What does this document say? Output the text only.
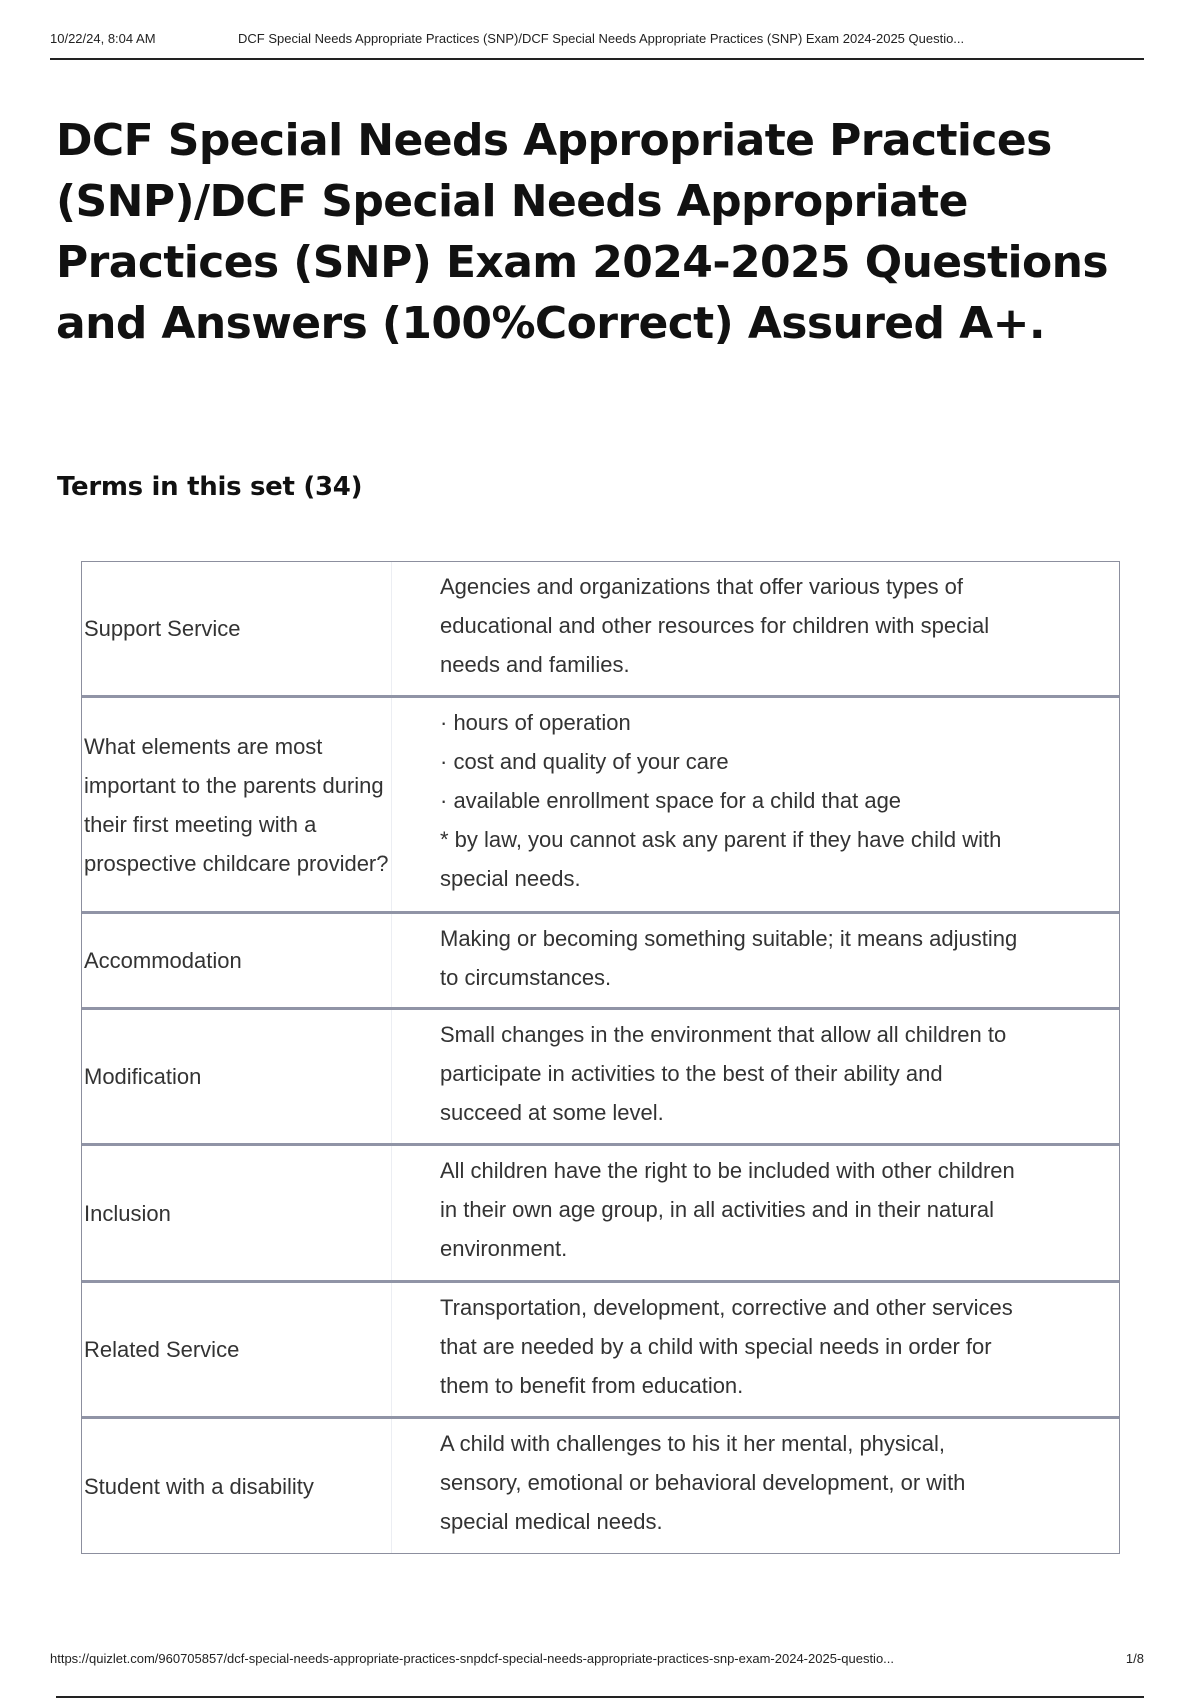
10/22/24, 8:04 AM	DCF Special Needs Appropriate Practices (SNP)/DCF Special Needs Appropriate Practices (SNP) Exam 2024-2025 Questio...
DCF Special Needs Appropriate Practices (SNP)/DCF Special Needs Appropriate Practices (SNP) Exam 2024-2025 Questions and Answers (100%Correct) Assured A+.
Terms in this set (34)
Support Service
Agencies and organizations that offer various types of educational and other resources for children with special needs and families.
What elements are most important to the parents during their first meeting with a prospective childcare provider?
· hours of operation
· cost and quality of your care
· available enrollment space for a child that age
* by law, you cannot ask any parent if they have child with special needs.
Accommodation
Making or becoming something suitable; it means adjusting to circumstances.
Modification
Small changes in the environment that allow all children to participate in activities to the best of their ability and succeed at some level.
Inclusion
All children have the right to be included with other children in their own age group, in all activities and in their natural environment.
Related Service
Transportation, development, corrective and other services that are needed by a child with special needs in order for them to benefit from education.
Student with a disability
A child with challenges to his it her mental, physical, sensory, emotional or behavioral development, or with special medical needs.
https://quizlet.com/960705857/dcf-special-needs-appropriate-practices-snpdcf-special-needs-appropriate-practices-snp-exam-2024-2025-questio...	1/8
